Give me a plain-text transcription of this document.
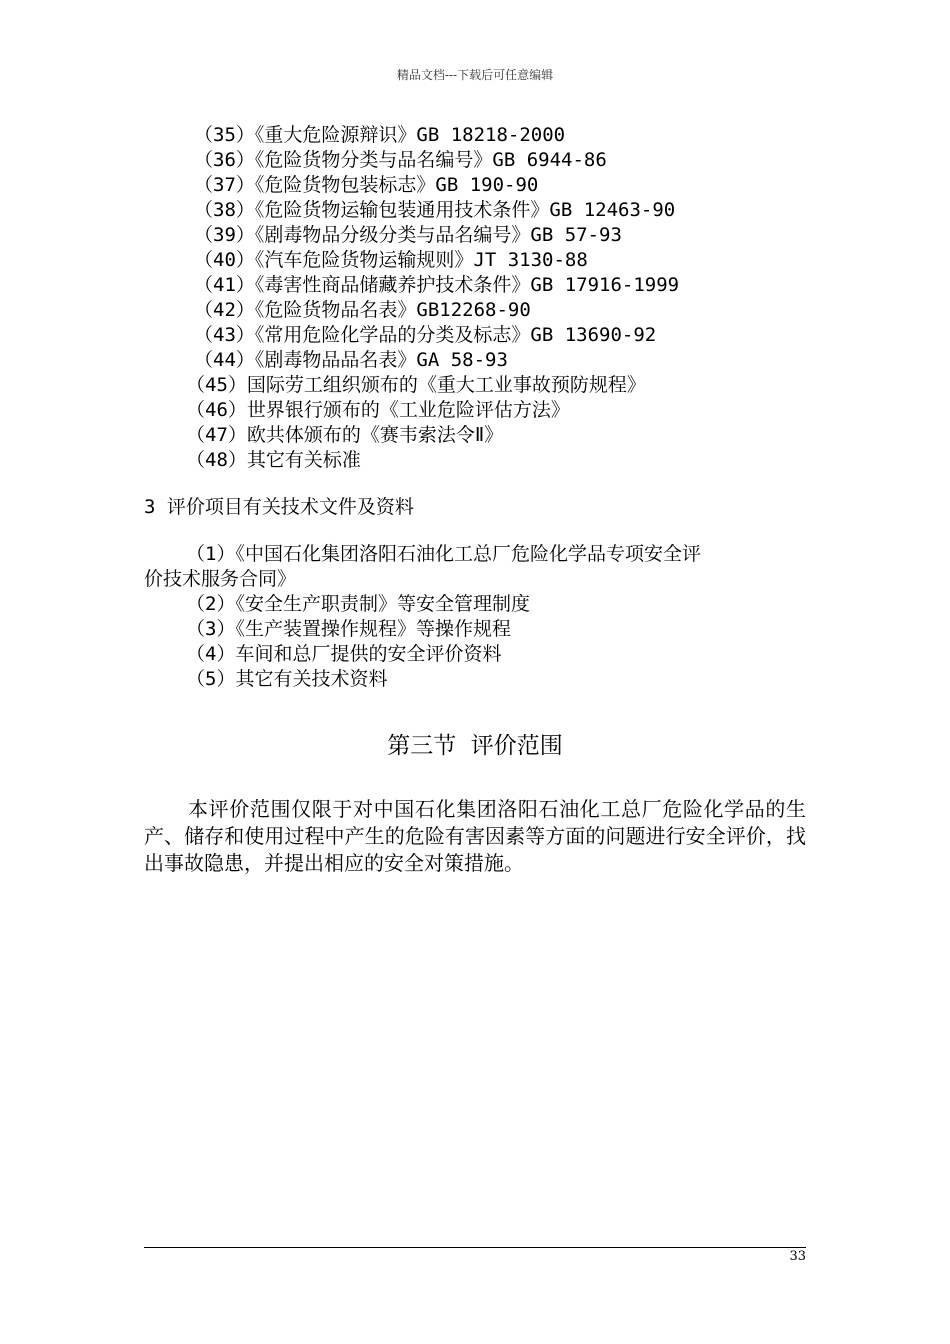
精品文档---下载后可任意编辑
（35）《重大危险源辩识》GB 18218-2000
（36）《危险货物分类与品名编号》GB 6944-86
（37）《危险货物包装标志》GB 190-90
（38）《危险货物运输包装通用技术条件》GB 12463-90
（39）《剧毒物品分级分类与品名编号》GB 57-93
（40）《汽车危险货物运输规则》JT 3130-88
（41）《毒害性商品储藏养护技术条件》GB 17916-1999
（42）《危险货物品名表》GB12268-90
（43）《常用危险化学品的分类及标志》GB 13690-92
（44）《剧毒物品品名表》GA 58-93
（45）国际劳工组织颁布的《重大工业事故预防规程》
（46）世界银行颁布的《工业危险评估方法》
（47）欧共体颁布的《赛韦索法令Ⅱ》
（48）其它有关标准
3 评价项目有关技术文件及资料
（1）《中国石化集团洛阳石油化工总厂危险化学品专项安全评
价技术服务合同》
（2）《安全生产职责制》等安全管理制度
（3）《生产装置操作规程》等操作规程
（4）车间和总厂提供的安全评价资料
（5）其它有关技术资料
第三节  评价范围
本评价范围仅限于对中国石化集团洛阳石油化工总厂危险化学品的生产、储存和使用过程中产生的危险有害因素等方面的问题进行安全评价，找出事故隐患，并提出相应的安全对策措施。
33
